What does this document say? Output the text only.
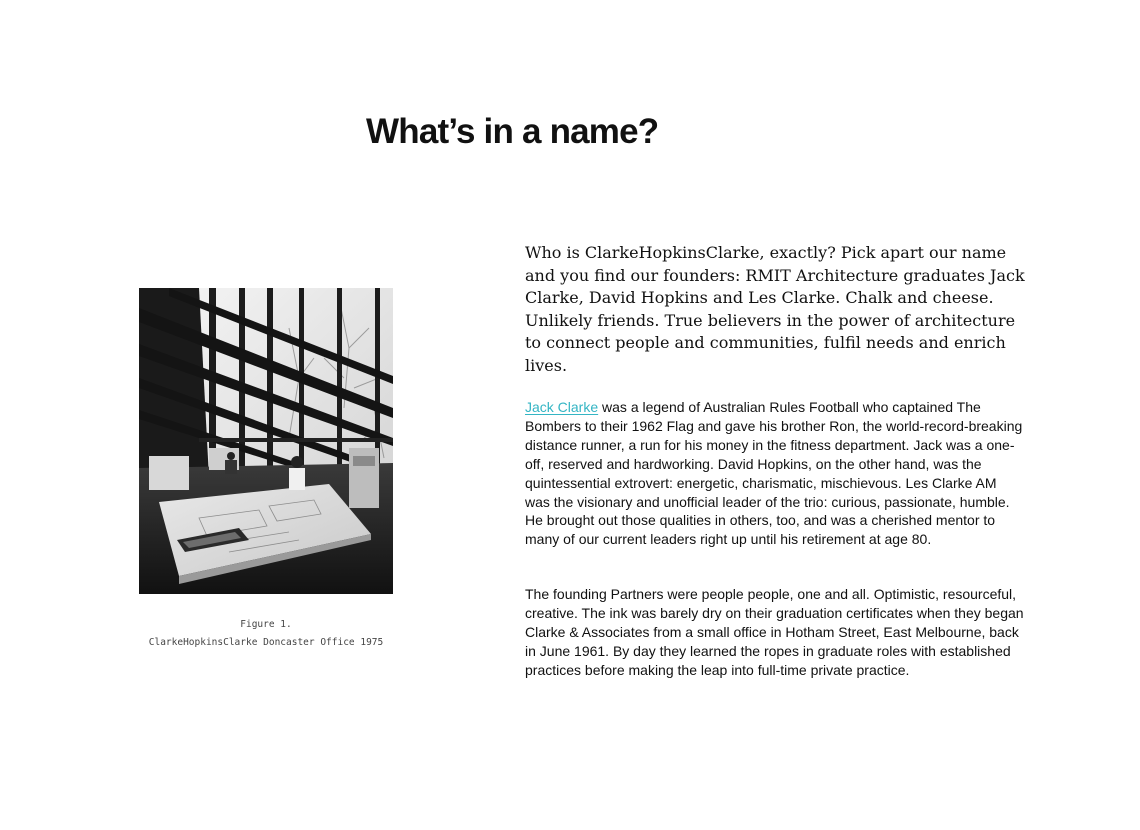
What’s in a name?
Figure 1.
ClarkeHopkinsClarke Doncaster Office 1975

Who is ClarkeHopkinsClarke, exactly? Pick apart our name and you find our founders: RMIT Architecture graduates Jack Clarke, David Hopkins and Les Clarke. Chalk and cheese. Unlikely friends. True believers in the power of architecture to connect people and communities, fulfil needs and enrich lives.

Jack Clarke was a legend of Australian Rules Football who captained The Bombers to their 1962 Flag and gave his brother Ron, the world-record-breaking distance runner, a run for his money in the fitness department. Jack was a one-off, reserved and hardworking. David Hopkins, on the other hand, was the quintessential extrovert: energetic, charismatic, mischievous. Les Clarke AM was the visionary and unofficial leader of the trio: curious, passionate, humble. He brought out those qualities in others, too, and was a cherished mentor to many of our current leaders right up until his retirement at age 80.

The founding Partners were people people, one and all. Optimistic, resourceful, creative. The ink was barely dry on their graduation certificates when they began Clarke & Associates from a small office in Hotham Street, East Melbourne, back in June 1961. By day they learned the ropes in graduate roles with established practices before making the leap into full-time private practice.
